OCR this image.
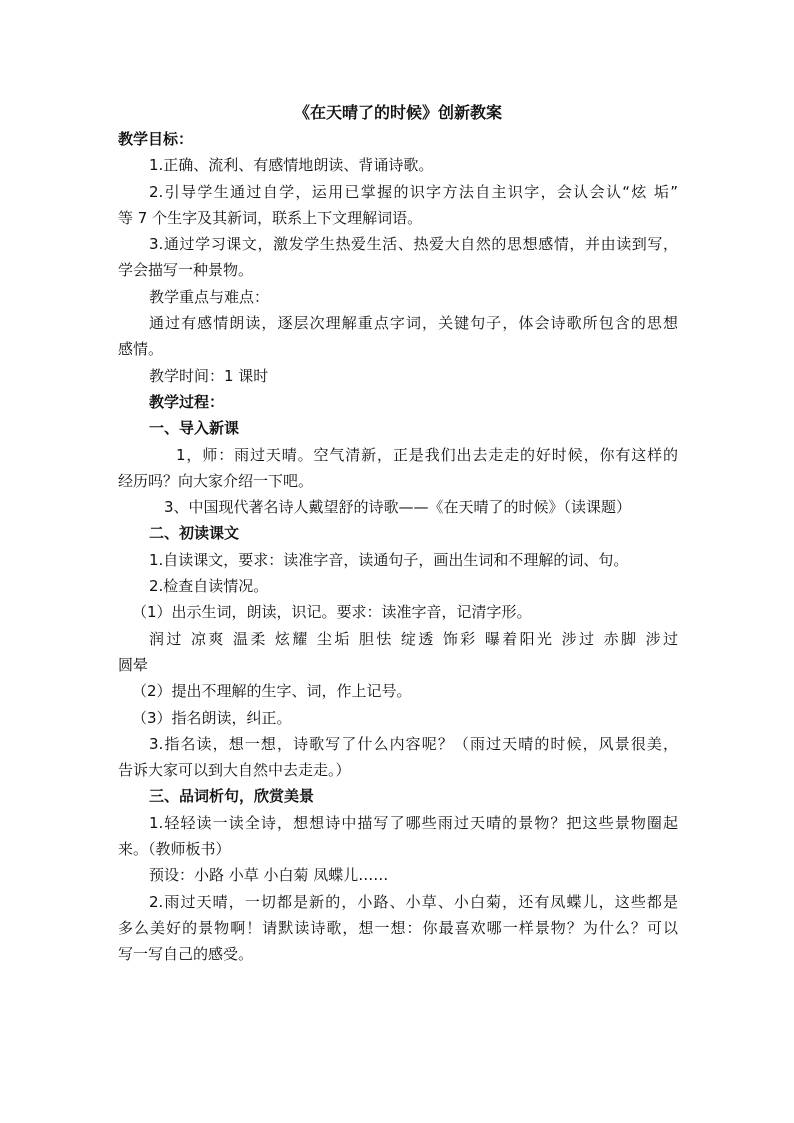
《在天晴了的时候》创新教案

教学目标：

1.正确、流利、有感情地朗读、背诵诗歌。

2.引导学生通过自学，运用已掌握的识字方法自主识字，会认会认“炫 垢”

等 7 个生字及其新词，联系上下文理解词语。

3.通过学习课文，激发学生热爱生活、热爱大自然的思想感情，并由读到写，

学会描写一种景物。

教学重点与难点：

通过有感情朗读，逐层次理解重点字词，关键句子，体会诗歌所包含的思想

感情。

教学时间：1 课时

教学过程：

一、导入新课

1，师：雨过天晴。空气清新，正是我们出去走走的好时候，你有这样的

经历吗？向大家介绍一下吧。

3、中国现代著名诗人戴望舒的诗歌——《在天晴了的时候》（读课题）

二、初读课文

1.自读课文，要求：读准字音，读通句子，画出生词和不理解的词、句。

2.检查自读情况。

（1）出示生词，朗读，识记。要求：读准字音，记清字形。

润过 凉爽 温柔 炫耀 尘垢 胆怯 绽透 饰彩 曝着阳光 涉过 赤脚 涉过

圆晕

（2）提出不理解的生字、词，作上记号。

（3）指名朗读，纠正。

3.指名读，想一想，诗歌写了什么内容呢？（雨过天晴的时候，风景很美，

告诉大家可以到大自然中去走走。）

三、品词析句，欣赏美景

1.轻轻读一读全诗，想想诗中描写了哪些雨过天晴的景物？把这些景物圈起

来。（教师板书）

预设：小路 小草 小白菊 凤蝶儿……

2.雨过天晴，一切都是新的，小路、小草、小白菊，还有凤蝶儿，这些都是

多么美好的景物啊！请默读诗歌，想一想：你最喜欢哪一样景物？为什么？可以

写一写自己的感受。
